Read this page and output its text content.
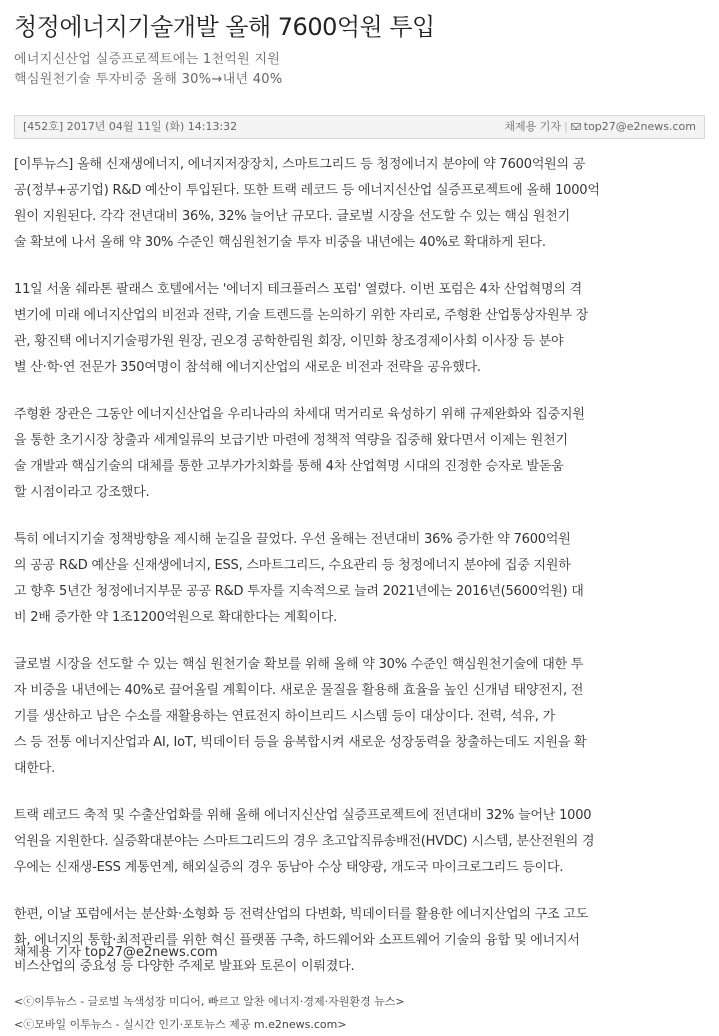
청정에너지기술개발 올해 7600억원 투입
에너지신산업 실증프로젝트에는 1천억원 지원
핵심원천기술 투자비중 올해 30%→내년 40%
[452호] 2017년 04월 11일 (화) 14:13:32	채제용 기자 | top27@e2news.com

[이투뉴스] 올해 신재생에너지, 에너지저장장치, 스마트그리드 등 청정에너지 분야에 약 7600억원의 공
공(정부+공기업) R&D 예산이 투입된다. 또한 트랙 레코드 등 에너지신산업 실증프로젝트에 올해 1000억
원이 지원된다. 각각 전년대비 36%, 32% 늘어난 규모다. 글로벌 시장을 선도할 수 있는 핵심 원천기
술 확보에 나서 올해 약 30% 수준인 핵심원천기술 투자 비중을 내년에는 40%로 확대하게 된다.

11일 서울 쉐라톤 팔래스 호텔에서는 '에너지 테크플러스 포럼' 열렸다. 이번 포럼은 4차 산업혁명의 격
변기에 미래 에너지산업의 비전과 전략, 기술 트렌드를 논의하기 위한 자리로, 주형환 산업통상자원부 장
관, 황진택 에너지기술평가원 원장, 권오경 공학한림원 회장, 이민화 창조경제이사회 이사장 등 분야
별 산·학·연 전문가 350여명이 참석해 에너지산업의 새로운 비전과 전략을 공유했다.

주형환 장관은 그동안 에너지신산업을 우리나라의 차세대 먹거리로 육성하기 위해 규제완화와 집중지원
을 통한 초기시장 창출과 세계일류의 보급기반 마련에 정책적 역량을 집중해 왔다면서 이제는 원천기
술 개발과 핵심기술의 대체를 통한 고부가가치화를 통해 4차 산업혁명 시대의 진정한 승자로 발돋움
할 시점이라고 강조했다.

특히 에너지기술 정책방향을 제시해 눈길을 끌었다. 우선 올해는 전년대비 36% 증가한 약 7600억원
의 공공 R&D 예산을 신재생에너지, ESS, 스마트그리드, 수요관리 등 청정에너지 분야에 집중 지원하
고 향후 5년간 청정에너지부문 공공 R&D 투자를 지속적으로 늘려 2021년에는 2016년(5600억원) 대
비 2배 증가한 약 1조1200억원으로 확대한다는 계획이다.

글로벌 시장을 선도할 수 있는 핵심 원천기술 확보를 위해 올해 약 30% 수준인 핵심원천기술에 대한 투
자 비중을 내년에는 40%로 끌어올릴 계획이다. 새로운 물질을 활용해 효율을 높인 신개념 태양전지, 전
기를 생산하고 남은 수소를 재활용하는 연료전지 하이브리드 시스템 등이 대상이다. 전력, 석유, 가
스 등 전통 에너지산업과 AI, IoT, 빅데이터 등을 융복합시켜 새로운 성장동력을 창출하는데도 지원을 확
대한다.

트랙 레코드 축적 및 수출산업화를 위해 올해 에너지신산업 실증프로젝트에 전년대비 32% 늘어난 1000
억원을 지원한다. 실증확대분야는 스마트그리드의 경우 초고압직류송배전(HVDC) 시스템, 분산전원의 경
우에는 신재생-ESS 계통연계, 해외실증의 경우 동남아 수상 태양광, 개도국 마이크로그리드 등이다.

한편, 이날 포럼에서는 분산화·소형화 등 전력산업의 다변화, 빅데이터를 활용한 에너지산업의 구조 고도
화, 에너지의 통합·최적관리를 위한 혁신 플랫폼 구축, 하드웨어와 소프트웨어 기술의 융합 및 에너지서
비스산업의 중요성 등 다양한 주제로 발표와 토론이 이뤄졌다.

채제용 기자 top27@e2news.com
<ⓒ이투뉴스 - 글로벌 녹색성장 미디어, 빠르고 알찬 에너지·경제·자원환경 뉴스>
<ⓒ모바일 이투뉴스 - 실시간 인기·포토뉴스 제공 m.e2news.com>
